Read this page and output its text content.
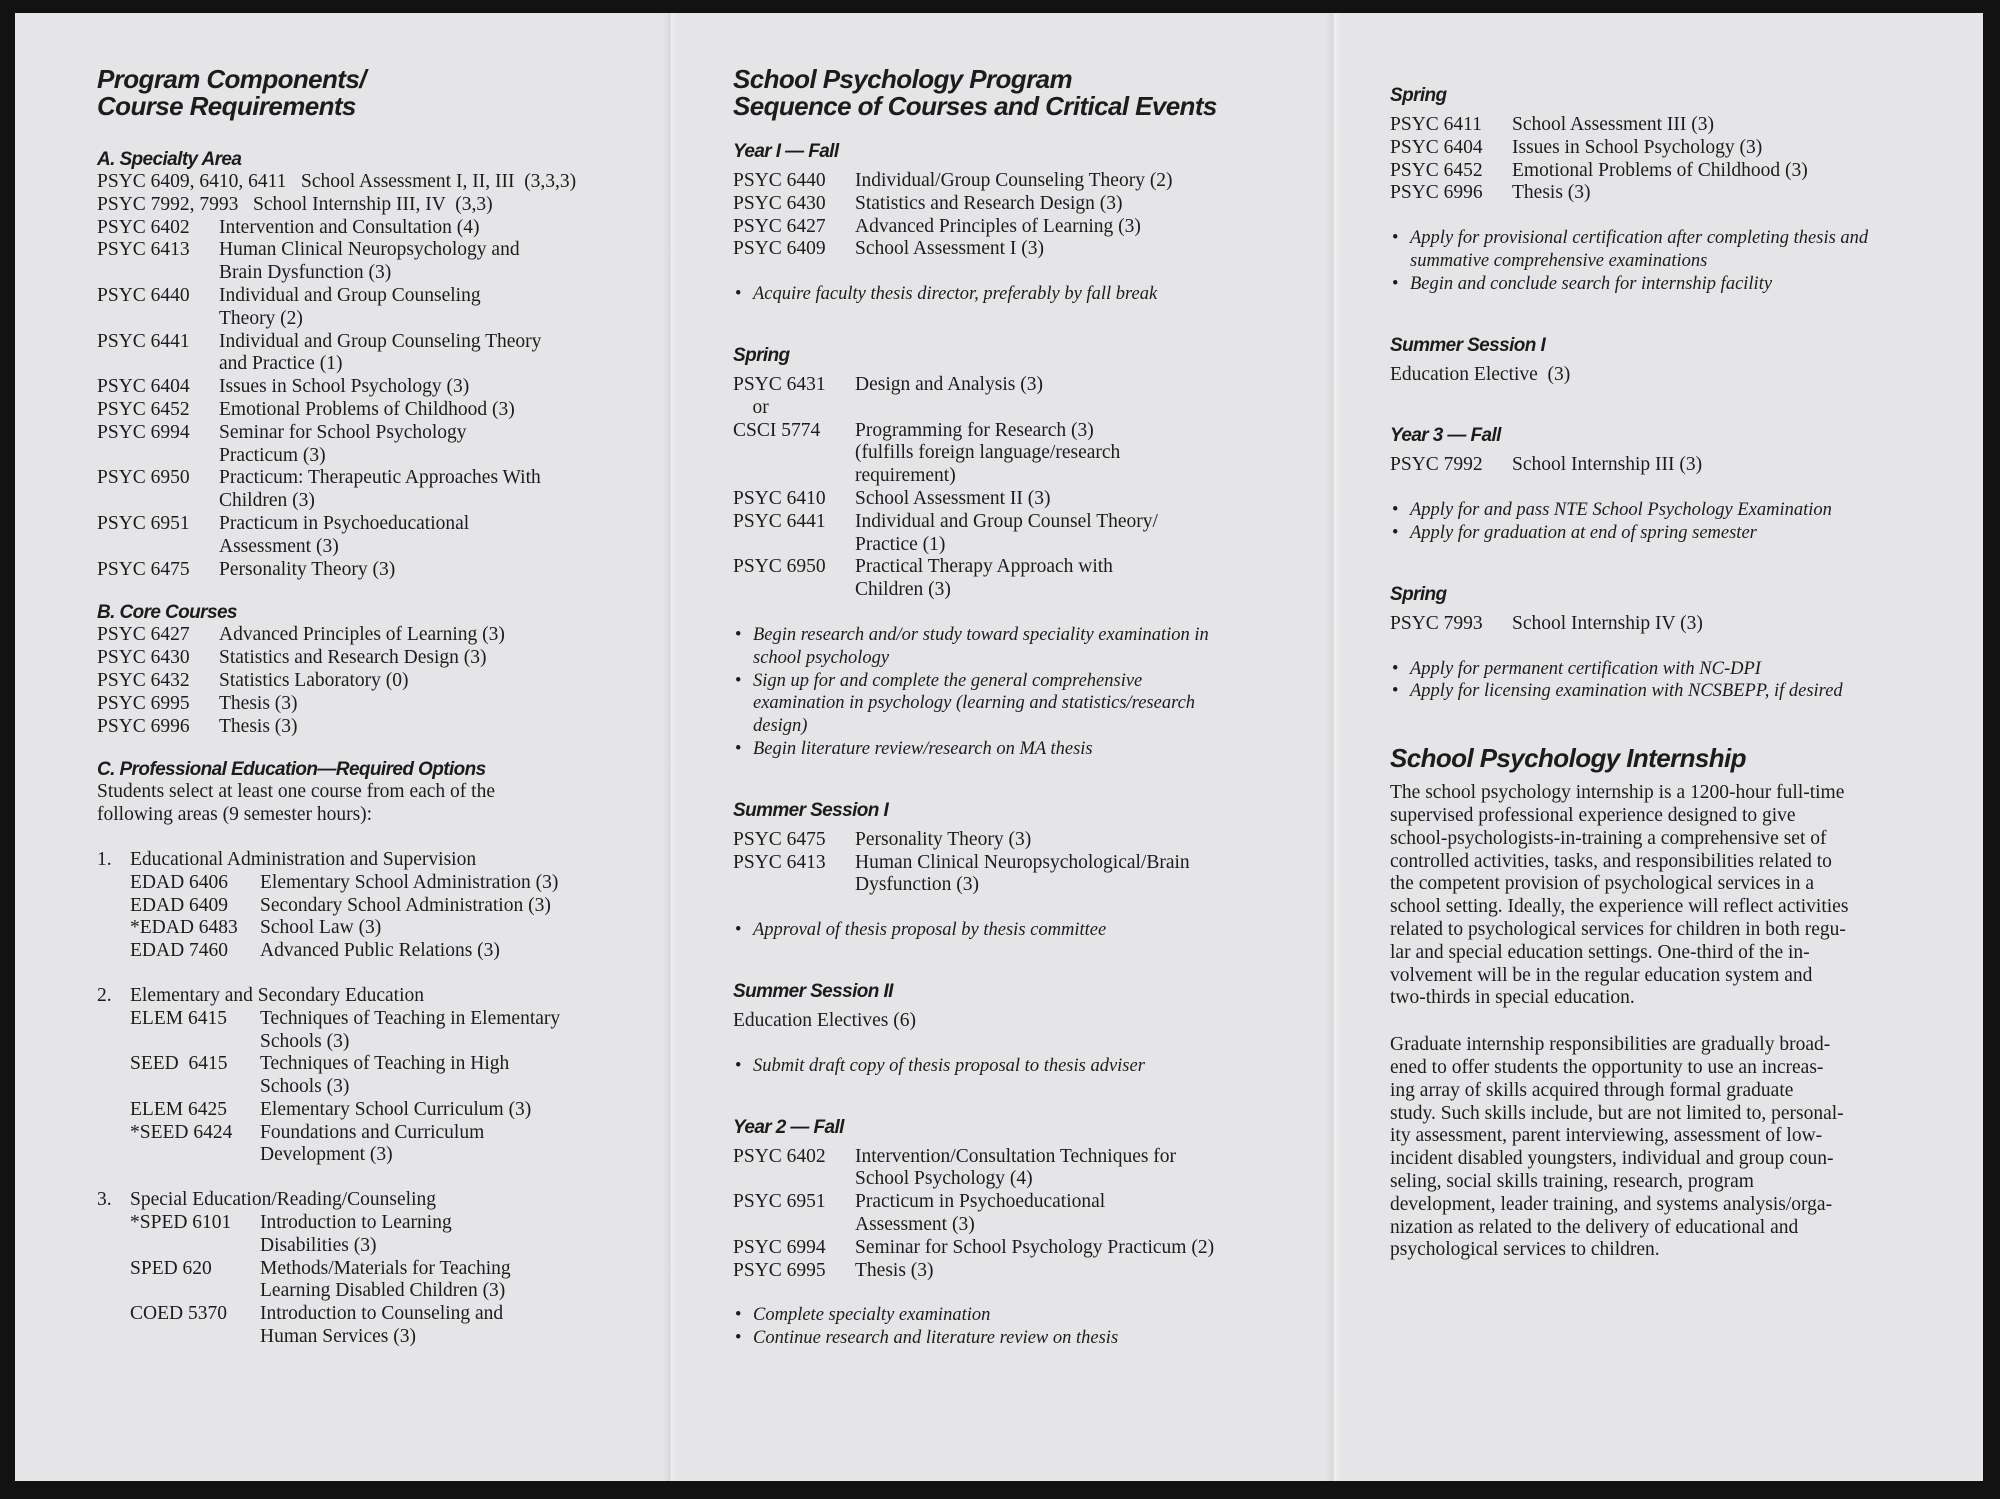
Program Components/
Course Requirements
A. Specialty Area
PSYC 6409, 6410, 6411   School Assessment I, II, III  (3,3,3)
PSYC 7992, 7993   School Internship III, IV  (3,3)
PSYC 6402	Intervention and Consultation (4)
PSYC 6413	Human Clinical Neuropsychology and
Brain Dysfunction (3)
PSYC 6440	Individual and Group Counseling
Theory (2)
PSYC 6441	Individual and Group Counseling Theory
and Practice (1)
PSYC 6404	Issues in School Psychology (3)
PSYC 6452	Emotional Problems of Childhood (3)
PSYC 6994	Seminar for School Psychology
Practicum (3)
PSYC 6950	Practicum: Therapeutic Approaches With
Children (3)
PSYC 6951	Practicum in Psychoeducational
Assessment (3)
PSYC 6475	Personality Theory (3)
B. Core Courses
PSYC 6427	Advanced Principles of Learning (3)
PSYC 6430	Statistics and Research Design (3)
PSYC 6432	Statistics Laboratory (0)
PSYC 6995	Thesis (3)
PSYC 6996	Thesis (3)
C. Professional Education—Required Options
Students select at least one course from each of the
following areas (9 semester hours):
1. Educational Administration and Supervision
EDAD 6406	Elementary School Administration (3)
EDAD 6409	Secondary School Administration (3)
*EDAD 6483	School Law (3)
EDAD 7460	Advanced Public Relations (3)
2. Elementary and Secondary Education
ELEM 6415	Techniques of Teaching in Elementary
Schools (3)
SEED  6415	Techniques of Teaching in High
Schools (3)
ELEM 6425	Elementary School Curriculum (3)
*SEED 6424	Foundations and Curriculum
Development (3)
3. Special Education/Reading/Counseling
*SPED 6101	Introduction to Learning
Disabilities (3)
SPED 620	Methods/Materials for Teaching
Learning Disabled Children (3)
COED 5370	Introduction to Counseling and
Human Services (3)
School Psychology Program
Sequence of Courses and Critical Events
Year I — Fall
PSYC 6440	Individual/Group Counseling Theory (2)
PSYC 6430	Statistics and Research Design (3)
PSYC 6427	Advanced Principles of Learning (3)
PSYC 6409	School Assessment I (3)
• Acquire faculty thesis director, preferably by fall break
Spring
PSYC 6431	Design and Analysis (3)
or
CSCI 5774	Programming for Research (3)
(fulfills foreign language/research
requirement)
PSYC 6410	School Assessment II (3)
PSYC 6441	Individual and Group Counsel Theory/
Practice (1)
PSYC 6950	Practical Therapy Approach with
Children (3)
• Begin research and/or study toward speciality examination in
school psychology
• Sign up for and complete the general comprehensive
examination in psychology (learning and statistics/research
design)
• Begin literature review/research on MA thesis
Summer Session I
PSYC 6475	Personality Theory (3)
PSYC 6413	Human Clinical Neuropsychological/Brain
Dysfunction (3)
• Approval of thesis proposal by thesis committee
Summer Session II
Education Electives (6)
• Submit draft copy of thesis proposal to thesis adviser
Year 2 — Fall
PSYC 6402	Intervention/Consultation Techniques for
School Psychology (4)
PSYC 6951	Practicum in Psychoeducational
Assessment (3)
PSYC 6994	Seminar for School Psychology Practicum (2)
PSYC 6995	Thesis (3)
• Complete specialty examination
• Continue research and literature review on thesis
Spring
PSYC 6411	School Assessment III (3)
PSYC 6404	Issues in School Psychology (3)
PSYC 6452	Emotional Problems of Childhood (3)
PSYC 6996	Thesis (3)
• Apply for provisional certification after completing thesis and
summative comprehensive examinations
• Begin and conclude search for internship facility
Summer Session I
Education Elective  (3)
Year 3 — Fall
PSYC 7992	School Internship III (3)
• Apply for and pass NTE School Psychology Examination
• Apply for graduation at end of spring semester
Spring
PSYC 7993	School Internship IV (3)
• Apply for permanent certification with NC-DPI
• Apply for licensing examination with NCSBEPP, if desired
School Psychology Internship
The school psychology internship is a 1200-hour full-time
supervised professional experience designed to give
school-psychologists-in-training a comprehensive set of
controlled activities, tasks, and responsibilities related to
the competent provision of psychological services in a
school setting. Ideally, the experience will reflect activities
related to psychological services for children in both regu-
lar and special education settings. One-third of the in-
volvement will be in the regular education system and
two-thirds in special education.
Graduate internship responsibilities are gradually broad-
ened to offer students the opportunity to use an increas-
ing array of skills acquired through formal graduate
study. Such skills include, but are not limited to, personal-
ity assessment, parent interviewing, assessment of low-
incident disabled youngsters, individual and group coun-
seling, social skills training, research, program
development, leader training, and systems analysis/orga-
nization as related to the delivery of educational and
psychological services to children.
